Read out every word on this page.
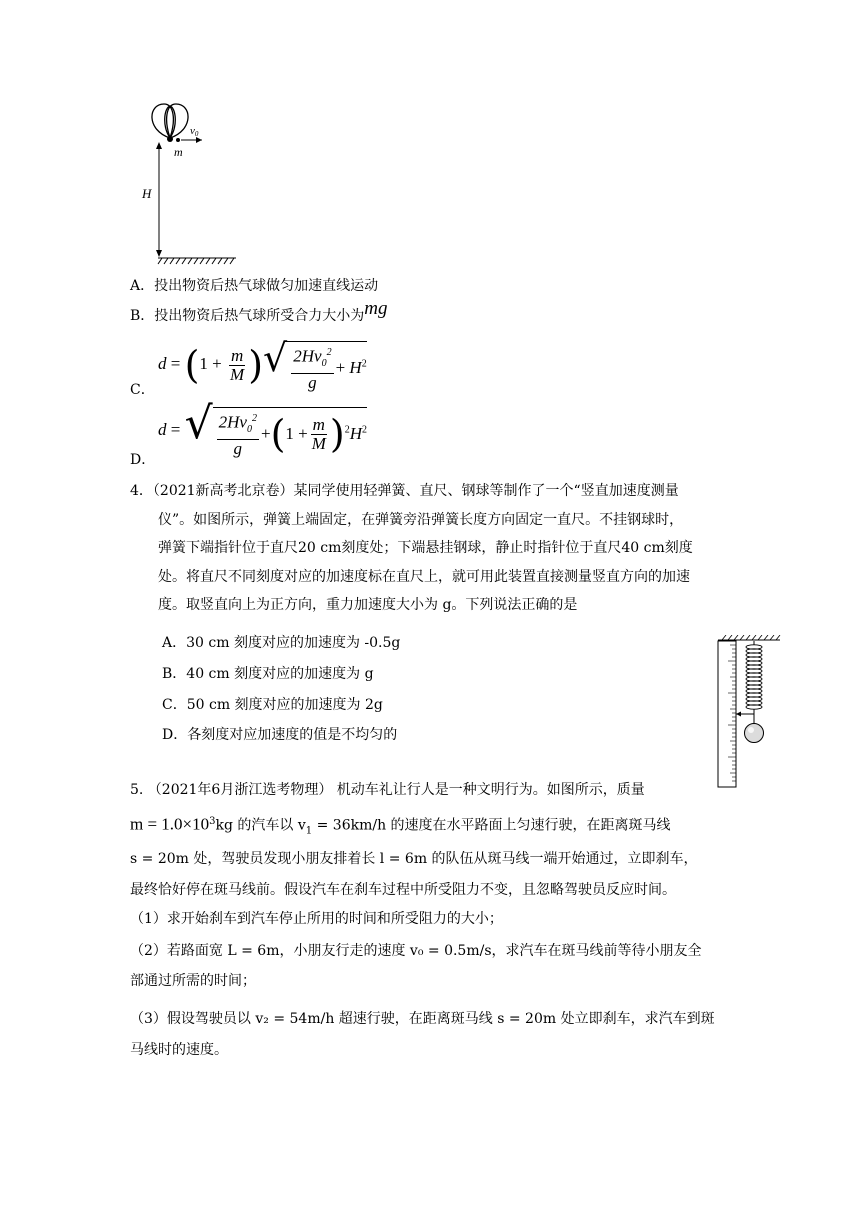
v0
m
H
A．投出物资后热气球做匀加速直线运动
B．投出物资后热气球所受合力大小为mg
$d = (1 + \frac{m}{M}$ )√ $\frac{2Hv_0^2}{g} + H^2$
C．
d = √ $\frac{2Hv_0^2}{g}$ + ( $1 + \frac{m}{M}$ ) $^2H^2$
D．
4．（2021新高考北京卷）某同学使用轻弹簧、直尺、钢球等制作了一个“竖直加速度测量
仪”。如图所示，弹簧上端固定，在弹簧旁沿弹簧长度方向固定一直尺。不挂钢球时，
弹簧下端指针位于直尺20 cm刻度处；下端悬挂钢球，静止时指针位于直尺40 cm刻度
处。将直尺不同刻度对应的加速度标在直尺上，就可用此装置直接测量竖直方向的加速
度。取竖直向上为正方向，重力加速度大小为 g。下列说法正确的是
A．30 cm 刻度对应的加速度为 -0.5g
B．40 cm 刻度对应的加速度为 g
C．50 cm 刻度对应的加速度为 2g
D．各刻度对应加速度的值是不均匀的
5. （2021年6月浙江选考物理） 机动车礼让行人是一种文明行为。如图所示，质量
$m = 1.0\times 10^3kg$ 的汽车以 $v_1 = 36km/h$ 的速度在水平路面上匀速行驶，在距离斑马线
s = 20m 处，驾驶员发现小朋友排着长 l = 6m 的队伍从斑马线一端开始通过，立即刹车，
最终恰好停在斑马线前。假设汽车在刹车过程中所受阻力不变，且忽略驾驶员反应时间。
（1）求开始刹车到汽车停止所用的时间和所受阻力的大小；
（2）若路面宽 L = 6m，小朋友行走的速度 v₀ = 0.5m/s，求汽车在斑马线前等待小朋友全
部通过所需的时间；
（3）假设驾驶员以 v₂ = 54m/h 超速行驶，在距离斑马线 s = 20m 处立即刹车，求汽车到斑
马线时的速度。
